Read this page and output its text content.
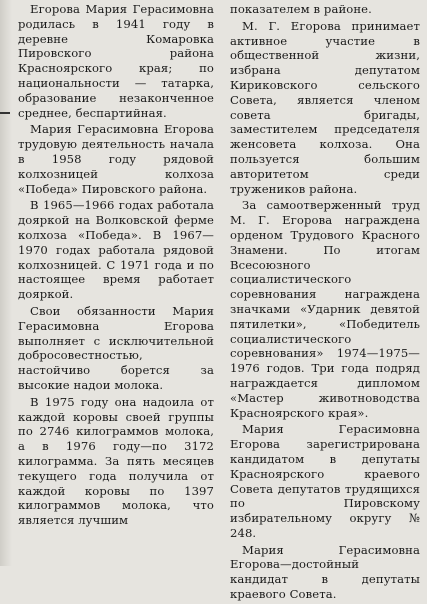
Егорова Мария Герасимовна родилась в 1941 году в деревне Комаровка Пировского района Красноярского края; по национальности — татарка, образование незаконченное среднее, беспартийная.

Мария Герасимовна Егорова трудовую деятельность начала в 1958 году рядовой колхозницей колхоза «Победа» Пировского района.

В 1965—1966 годах работала дояркой на Волковской ферме колхоза «Победа». В 1967—1970 годах работала рядовой колхозницей. С 1971 года и по настоящее время работает дояркой.

Свои обязанности Мария Герасимовна Егорова выполняет с исключительной добросовестностью, настойчиво борется за высокие надои молока.

В 1975 году она надоила от каждой коровы своей группы по 2746 килограммов молока, а в 1976 году—по 3172 килограмма. За пять месяцев текущего года получила от каждой коровы по 1397 килограммов молока, что является лучшим

показателем в районе.

М. Г. Егорова принимает активное участие в общественной жизни, избрана депутатом Кириковского сельского Совета, является членом совета бригады, заместителем председателя женсовета колхоза. Она пользуется большим авторитетом среди тружеников района.

За самоотверженный труд М. Г. Егорова награждена орденом Трудового Красного Знамени. По итогам Всесоюзного социалистического соревнования награждена значками «Ударник девятой пятилетки», «Победитель социалистического соревнования» 1974—1975—1976 годов. Три года подряд награждается дипломом «Мастер животноводства Красноярского края».

Мария Герасимовна Егорова зарегистрирована кандидатом в депутаты Красноярского краевого Совета депутатов трудящихся по Пировскому избирательному округу № 248.

Мария Герасимовна Егорова—достойный кандидат в депутаты краевого Совета.
